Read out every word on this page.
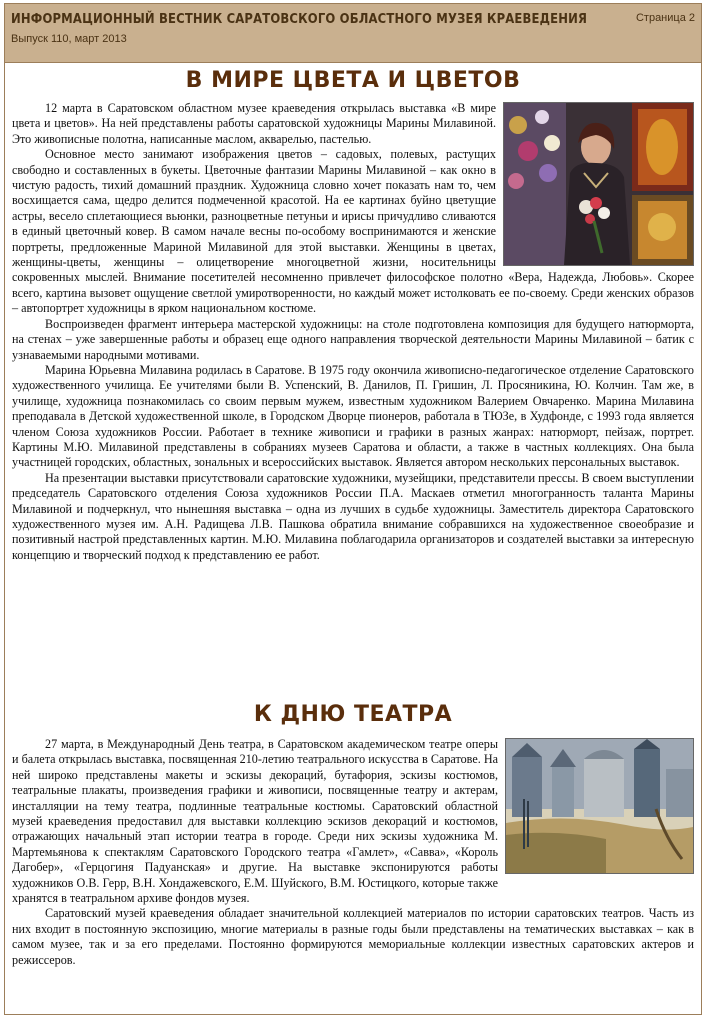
ИНФОРМАЦИОННЫЙ ВЕСТНИК САРАТОВСКОГО ОБЛАСТНОГО МУЗЕЯ КРАЕВЕДЕНИЯ
Выпуск 110, март 2013
Страница 2
В МИРЕ ЦВЕТА И ЦВЕТОВ

12 марта в Саратовском областном музее краеведения открылась выставка «В мире цвета и цветов». На ней представлены работы саратовской художницы Марины Милавиной. Это живописные полотна, написанные маслом, акварелью, пастелью.

Основное место занимают изображения цветов – садовых, полевых, растущих свободно и составленных в букеты. Цветочные фантазии Марины Милавиной – как окно в чистую радость, тихий домашний праздник. Художница словно хочет показать нам то, чем восхищается сама, щедро делится подмеченной красотой. На ее картинах буйно цветущие астры, весело сплетающиеся вьюнки, разноцветные петуньи и ирисы причудливо сливаются в единый цветочный ковер. В самом начале весны по-особому воспринимаются и женские портреты, предложенные Мариной Милавиной для этой выставки. Женщины в цветах, женщины-цветы, женщины – олицетворение многоцветной жизни, носительницы сокровенных мыслей. Внимание посетителей несомненно привлечет философское полотно «Вера, Надежда, Любовь». Скорее всего, картина вызовет ощущение светлой умиротворенности, но каждый может истолковать ее по-своему. Среди женских образов – автопортрет художницы в ярком национальном костюме.

Воспроизведен фрагмент интерьера мастерской художницы: на столе подготовлена композиция для будущего натюрморта, на стенах – уже завершенные работы и образец еще одного направления творческой деятельности Марины Милавиной – батик с узнаваемыми народными мотивами.

Марина Юрьевна Милавина родилась в Саратове. В 1975 году окончила живописно-педагогическое отделение Саратовского художественного училища. Ее учителями были В. Успенский, В. Данилов, П. Гришин, Л. Просяникина, Ю. Колчин. Там же, в училище, художница познакомилась со своим первым мужем, известным художником Валерием Овчаренко. Марина Милавина преподавала в Детской художественной школе, в Городском Дворце пионеров, работала в ТЮЗе, в Худфонде, с 1993 года является членом Союза художников России. Работает в технике живописи и графики в разных жанрах: натюрморт, пейзаж, портрет. Картины М.Ю. Милавиной представлены в собраниях музеев Саратова и области, а также в частных коллекциях. Она была участницей городских, областных, зональных и всероссийских выставок. Является автором нескольких персональных выставок.

На презентации выставки присутствовали саратовские художники, музейщики, представители прессы. В своем выступлении председатель Саратовского отделения Союза художников России П.А. Маскаев отметил многогранность таланта Марины Милавиной и подчеркнул, что нынешняя выставка – одна из лучших в судьбе художницы. Заместитель директора Саратовского художественного музея им. А.Н. Радищева Л.В. Пашкова обратила внимание собравшихся на художественное своеобразие и позитивный настрой представленных картин. М.Ю. Милавина поблагодарила организаторов и создателей выставки за интересную концепцию и творческий подход к представлению ее работ.

К ДНЮ ТЕАТРА

27 марта, в Международный День театра, в Саратовском академическом театре оперы и балета открылась выставка, посвященная 210-летию театрального искусства в Саратове. На ней широко представлены макеты и эскизы декораций, бутафория, эскизы костюмов, театральные плакаты, произведения графики и живописи, посвященные театру и актерам, инсталляции на тему театра, подлинные театральные костюмы. Саратовский областной музей краеведения предоставил для выставки коллекцию эскизов декораций и костюмов, отражающих начальный этап истории театра в городе. Среди них эскизы художника М. Мартемьянова к спектаклям Саратовского Городского театра «Гамлет», «Савва», «Король Дагобер», «Герцогиня Падуанская» и другие. На выставке экспонируются работы художников О.В. Герр, В.Н. Хондажевского, Е.М. Шуйского, В.М. Юстицкого, которые также хранятся в театральном архиве фондов музея.

Саратовский музей краеведения обладает значительной коллекцией материалов по истории саратовских театров. Часть из них входит в постоянную экспозицию, многие материалы в разные годы были представлены на тематических выставках – как в самом музее, так и за его пределами. Постоянно формируются мемориальные коллекции известных саратовских актеров и режиссеров.
